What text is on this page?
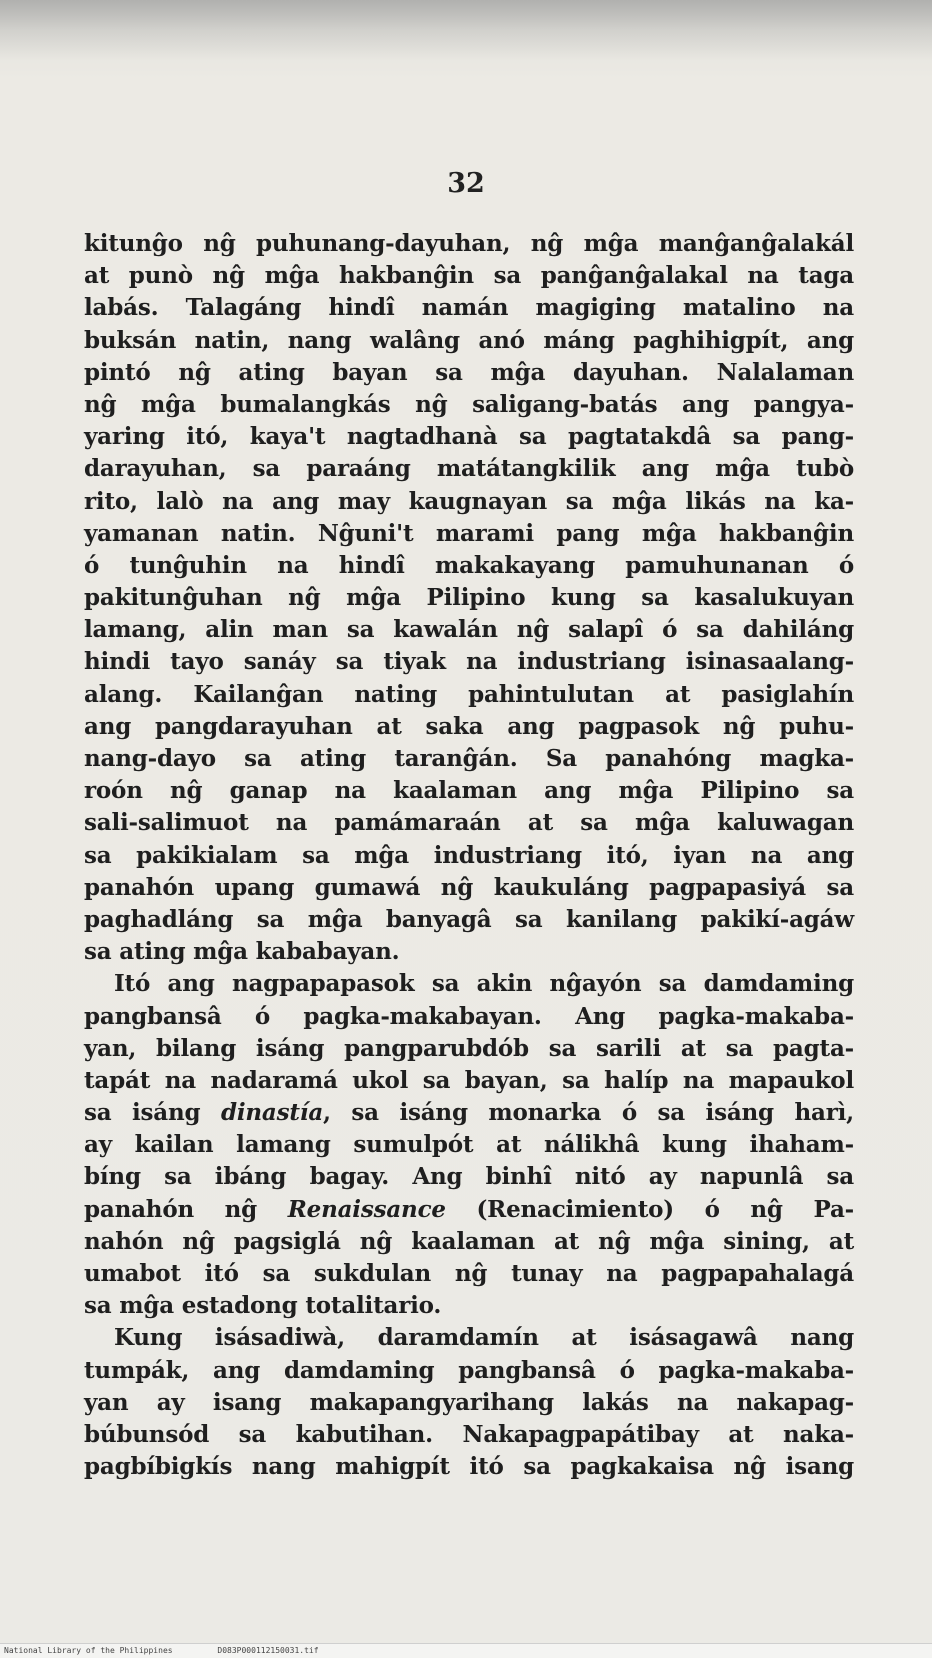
32
kitunĝo nĝ puhunang-dayuhan, nĝ mĝa manĝanĝalakál
at punò nĝ mĝa hakbanĝin sa panĝanĝalakal na taga
labás. Talagáng hindî namán magiging matalino na
buksán natin, nang walâng anó máng paghihigpít, ang
pintó nĝ ating bayan sa mĝa dayuhan. Nalalaman
nĝ mĝa bumalangkás nĝ saligang-batás ang pangya-
yaring itó, kaya't nagtadhanà sa pagtatakdâ sa pang-
darayuhan, sa paraáng matátangkilik ang mĝa tubò
rito, lalò na ang may kaugnayan sa mĝa likás na ka-
yamanan natin. Nĝuni't marami pang mĝa hakbanĝin
ó tunĝuhin na hindî makakayang pamuhunanan ó
pakitunĝuhan nĝ mĝa Pilipino kung sa kasalukuyan
lamang, alin man sa kawalán nĝ salapî ó sa dahiláng
hindi tayo sanáy sa tiyak na industriang isinasaalang-
alang. Kailanĝan nating pahintulutan at pasiglahín
ang pangdarayuhan at saka ang pagpasok nĝ puhu-
nang-dayo sa ating taranĝán. Sa panahóng magka-
roón nĝ ganap na kaalaman ang mĝa Pilipino sa
sali-salimuot na pamámaraán at sa mĝa kaluwagan
sa pakikialam sa mĝa industriang itó, iyan na ang
panahón upang gumawá nĝ kaukuláng pagpapasiyá sa
paghadláng sa mĝa banyagâ sa kanilang pakikí-agáw
sa ating mĝa kababayan.
Itó ang nagpapapasok sa akin nĝayón sa damdaming
pangbansâ ó pagka-makabayan. Ang pagka-makaba-
yan, bilang isáng pangparubdób sa sarili at sa pagta-
tapát na nadaramá ukol sa bayan, sa halíp na mapaukol
sa isáng dinastía, sa isáng monarka ó sa isáng harì,
ay kailan lamang sumulpót at nálikhâ kung ihaham-
bíng sa ibáng bagay. Ang binhî nitó ay napunlâ sa
panahón nĝ Renaissance (Renacimiento) ó nĝ Pa-
nahón nĝ pagsiglá nĝ kaalaman at nĝ mĝa sining, at
umabot itó sa sukdulan nĝ tunay na pagpapahalagá
sa mĝa estadong totalitario.
Kung isásadiwà, daramdamín at isásagawâ nang
tumpák, ang damdaming pangbansâ ó pagka-makaba-
yan ay isang makapangyarihang lakás na nakapag-
búbunsód sa kabutihan. Nakapagpapátibay at naka-
pagbíbigkís nang mahigpít itó sa pagkakaisa nĝ isang
National Library of the Philippines	D083P000112150031.tif
